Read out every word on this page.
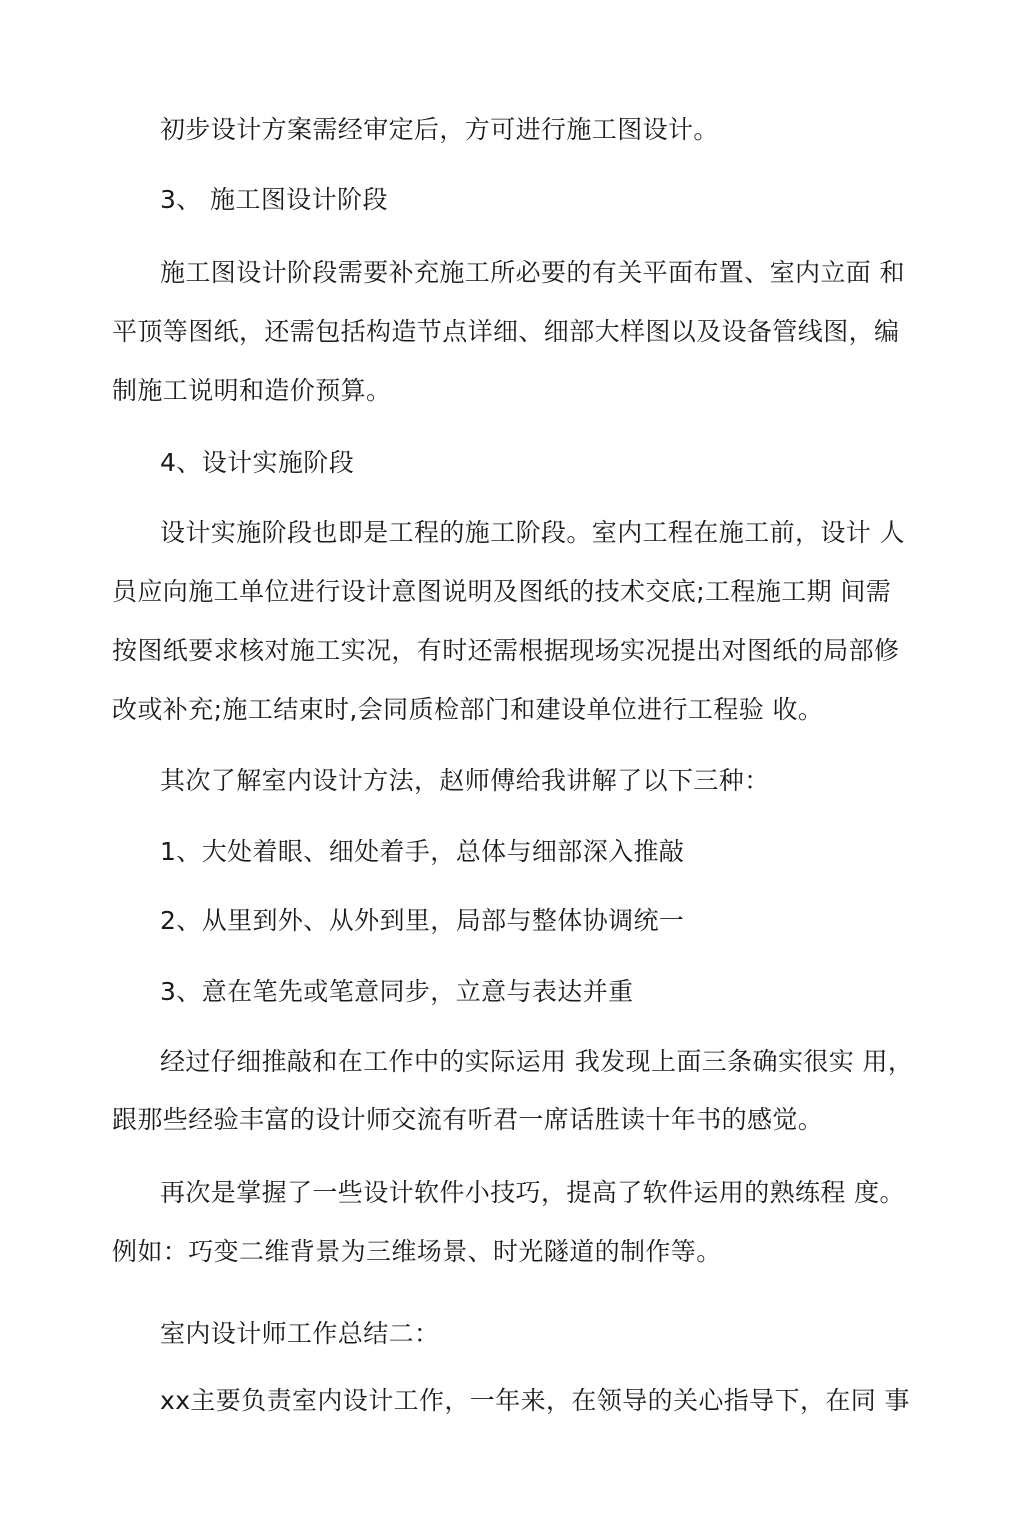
初步设计方案需经审定后，方可进行施工图设计。
3、 施工图设计阶段
施工图设计阶段需要补充施工所必要的有关平面布置、室内立面 和
平顶等图纸，还需包括构造节点详细、细部大样图以及设备管线图，编
制施工说明和造价预算。
4、设计实施阶段
设计实施阶段也即是工程的施工阶段。室内工程在施工前，设计 人
员应向施工单位进行设计意图说明及图纸的技术交底;工程施工期 间需
按图纸要求核对施工实况，有时还需根据现场实况提出对图纸的局部修
改或补充;施工结束时,会同质检部门和建设单位进行工程验 收。
其次了解室内设计方法，赵师傅给我讲解了以下三种：
1、大处着眼、细处着手，总体与细部深入推敲
2、从里到外、从外到里，局部与整体协调统一
3、意在笔先或笔意同步，立意与表达并重
经过仔细推敲和在工作中的实际运用 我发现上面三条确实很实 用，
跟那些经验丰富的设计师交流有听君一席话胜读十年书的感觉。
再次是掌握了一些设计软件小技巧，提高了软件运用的熟练程 度。
例如：巧变二维背景为三维场景、时光隧道的制作等。
室内设计师工作总结二：
xx主要负责室内设计工作，一年来，在领导的关心指导下，在同 事
